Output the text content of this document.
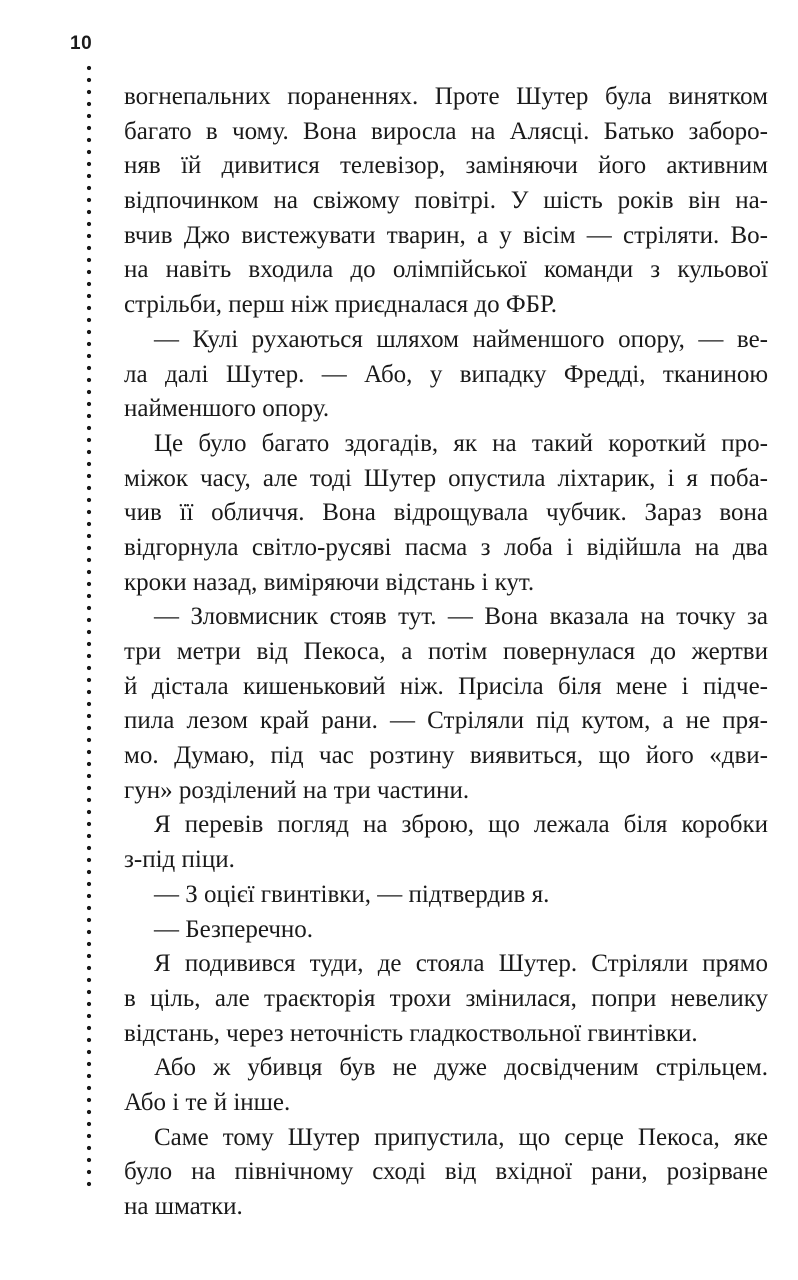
10
вогнепальних пораненнях. Проте Шутер була винятком
багато в чому. Вона виросла на Алясці. Батько заборо-
няв їй дивитися телевізор, заміняючи його активним
відпочинком на свіжому повітрі. У шість років він на-
вчив Джо вистежувати тварин, а у вісім — стріляти. Во-
на навіть входила до олімпійської команди з кульової
стрільби, перш ніж приєдналася до ФБР.
— Кулі рухаються шляхом найменшого опору, — ве-
ла далі Шутер. — Або, у випадку Фредді, тканиною
найменшого опору.
Це було багато здогадів, як на такий короткий про-
міжок часу, але тоді Шутер опустила ліхтарик, і я поба-
чив її обличчя. Вона відрощувала чубчик. Зараз вона
відгорнула світло-русяві пасма з лоба і відійшла на два
кроки назад, виміряючи відстань і кут.
— Зловмисник стояв тут. — Вона вказала на точку за
три метри від Пекоса, а потім повернулася до жертви
й дістала кишеньковий ніж. Присіла біля мене і підче-
пила лезом край рани. — Стріляли під кутом, а не пря-
мо. Думаю, під час розтину виявиться, що його «дви-
гун» розділений на три частини.
Я перевів погляд на зброю, що лежала біля коробки
з-під піци.
— З оцієї гвинтівки, — підтвердив я.
— Безперечно.
Я подивився туди, де стояла Шутер. Стріляли прямо
в ціль, але траєкторія трохи змінилася, попри невелику
відстань, через неточність гладкоствольної гвинтівки.
Або ж убивця був не дуже досвідченим стрільцем.
Або і те й інше.
Саме тому Шутер припустила, що серце Пекоса, яке
було на північному сході від вхідної рани, розірване
на шматки.
